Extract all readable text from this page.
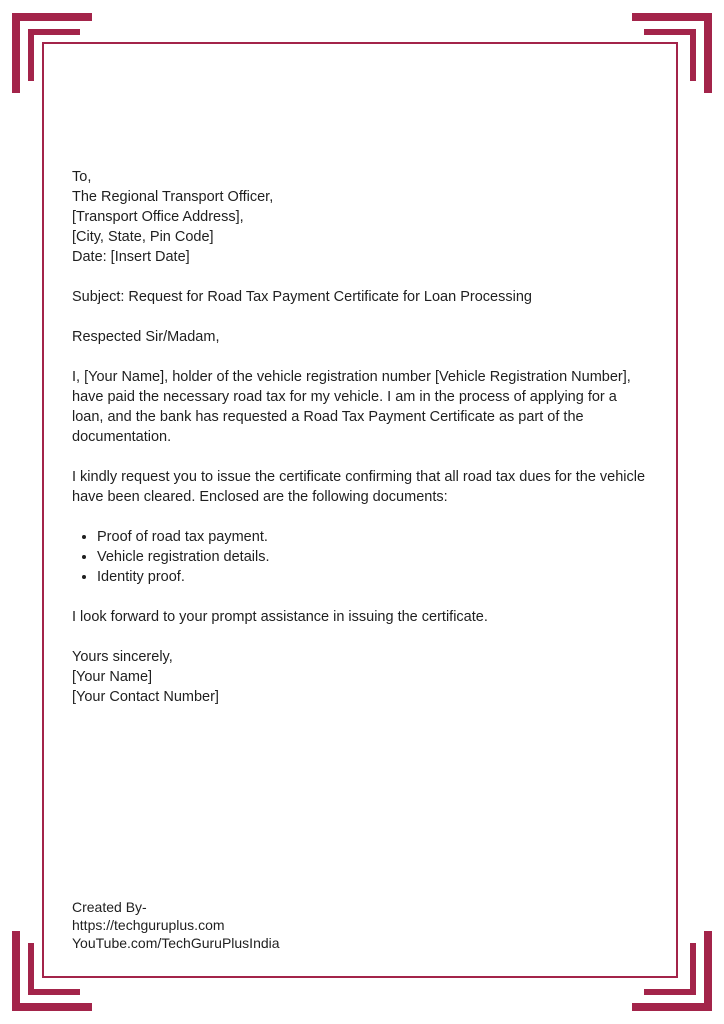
To,

The Regional Transport Officer,

[Transport Office Address],

[City, State, Pin Code]

Date: [Insert Date]

Subject: Request for Road Tax Payment Certificate for Loan Processing

Respected Sir/Madam,

I, [Your Name], holder of the vehicle registration number [Vehicle Registration Number], have paid the necessary road tax for my vehicle. I am in the process of applying for a loan, and the bank has requested a Road Tax Payment Certificate as part of the documentation.

I kindly request you to issue the certificate confirming that all road tax dues for the vehicle have been cleared. Enclosed are the following documents:

• Proof of road tax payment.
• Vehicle registration details.
• Identity proof.

I look forward to your prompt assistance in issuing the certificate.

Yours sincerely,

[Your Name]

[Your Contact Number]

Created By-

https://techguruplus.com

YouTube.com/TechGuruPlusIndia
